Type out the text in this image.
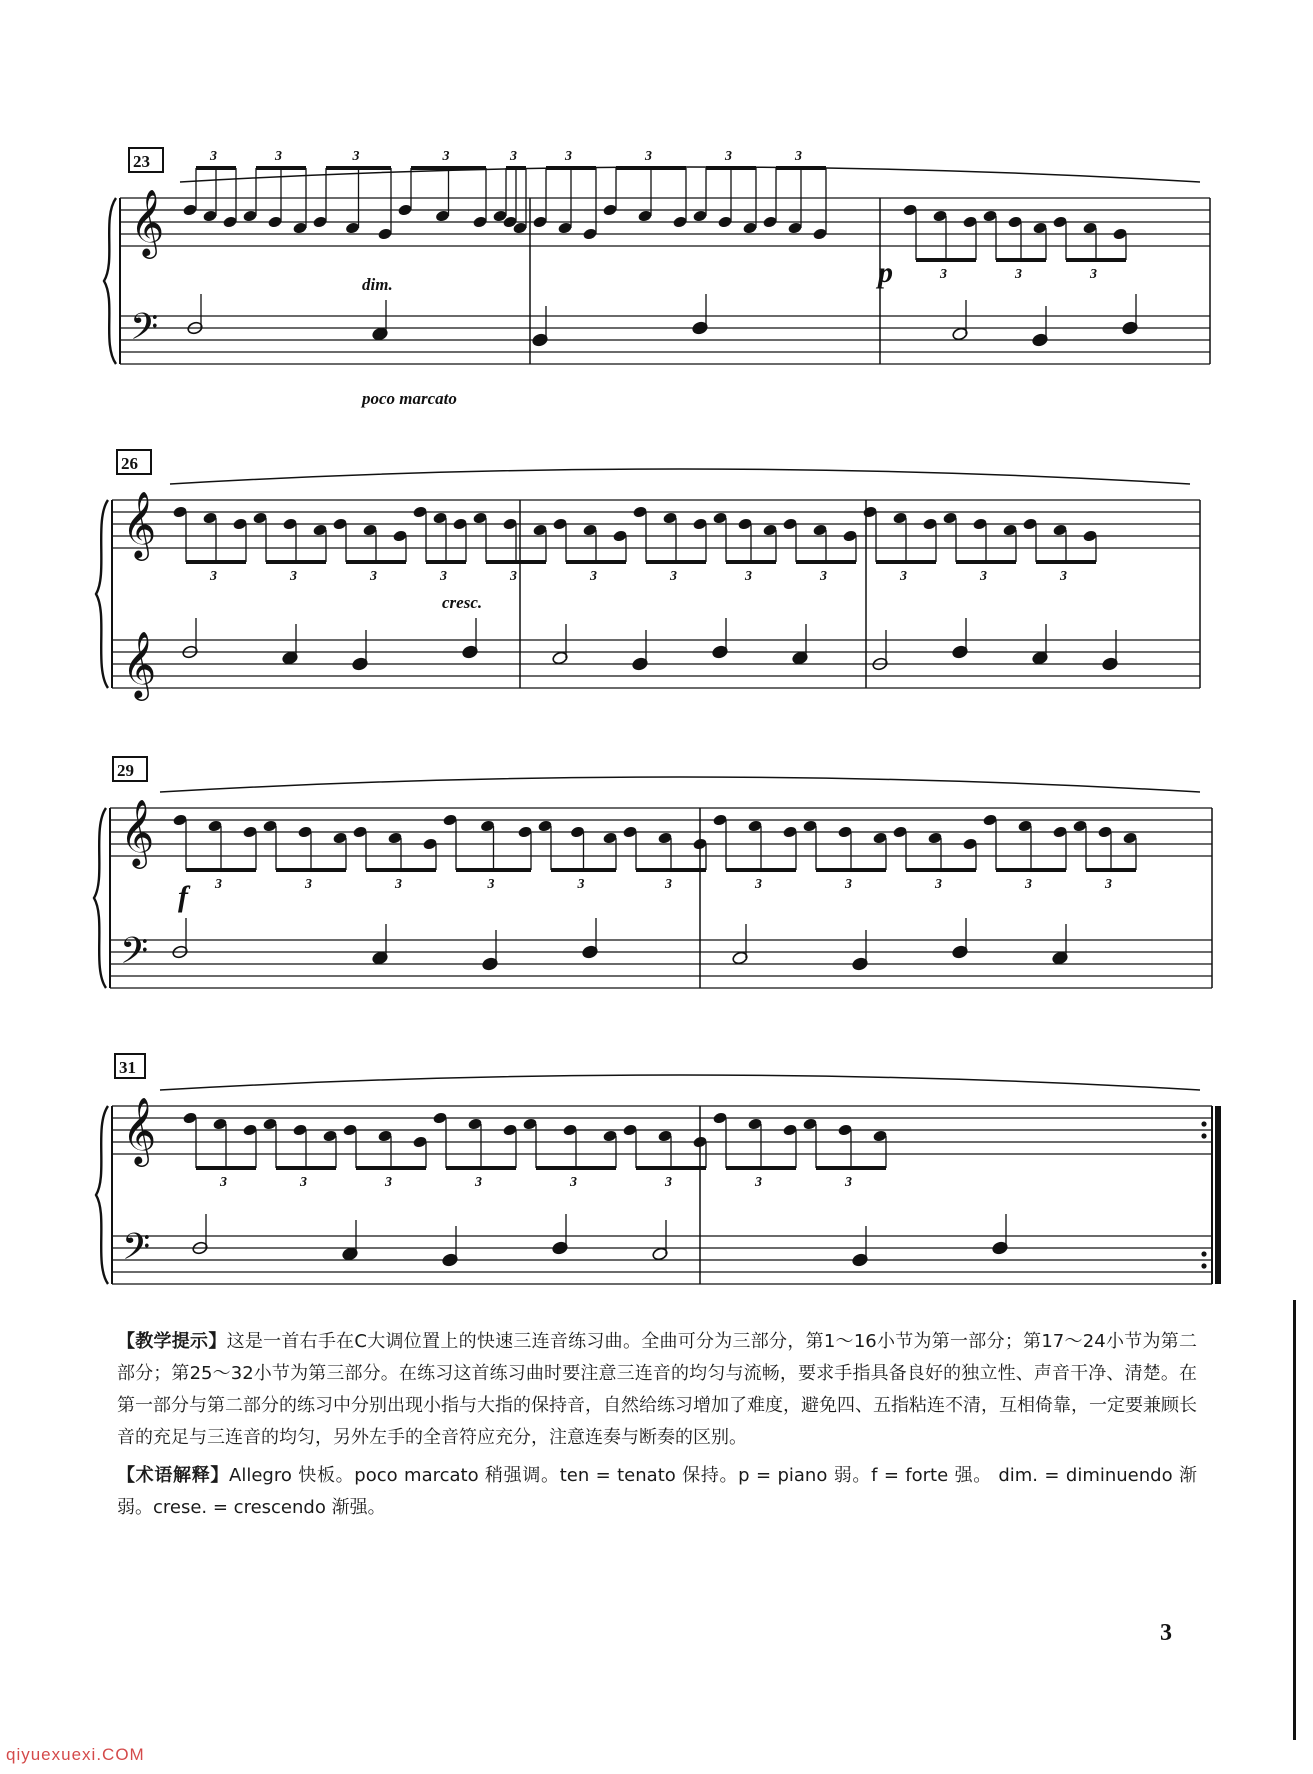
𝄞
𝄢
𝄞
𝄞
𝄞
𝄢
𝄞
𝄢
3	3	3	3	3	3	3	3	3
3	3	3
3	3	3	3	3	3	3	3	3	3	3	3
3	3	3	3	3	3	3	3	3	3	3
3	3	3	3	3	3	3	3
23
26
29
31
dim.
poco marcato
p
cresc.
f

【教学提示】这是一首右手在C大调位置上的快速三连音练习曲。全曲可分为三部分，第1～16小节为第一部分；第17～24小节为第二部分；第25～32小节为第三部分。在练习这首练习曲时要注意三连音的均匀与流畅，要求手指具备良好的独立性、声音干净、清楚。在第一部分与第二部分的练习中分别出现小指与大指的保持音，自然给练习增加了难度，避免四、五指粘连不清，互相倚靠，一定要兼顾长音的充足与三连音的均匀，另外左手的全音符应充分，注意连奏与断奏的区别。

【术语解释】Allegro 快板。poco marcato 稍强调。ten = tenato 保持。p = piano 弱。f = forte 强。 dim. = diminuendo 渐弱。crese. = crescendo 渐强。

3
qiyuexuexi.COM
